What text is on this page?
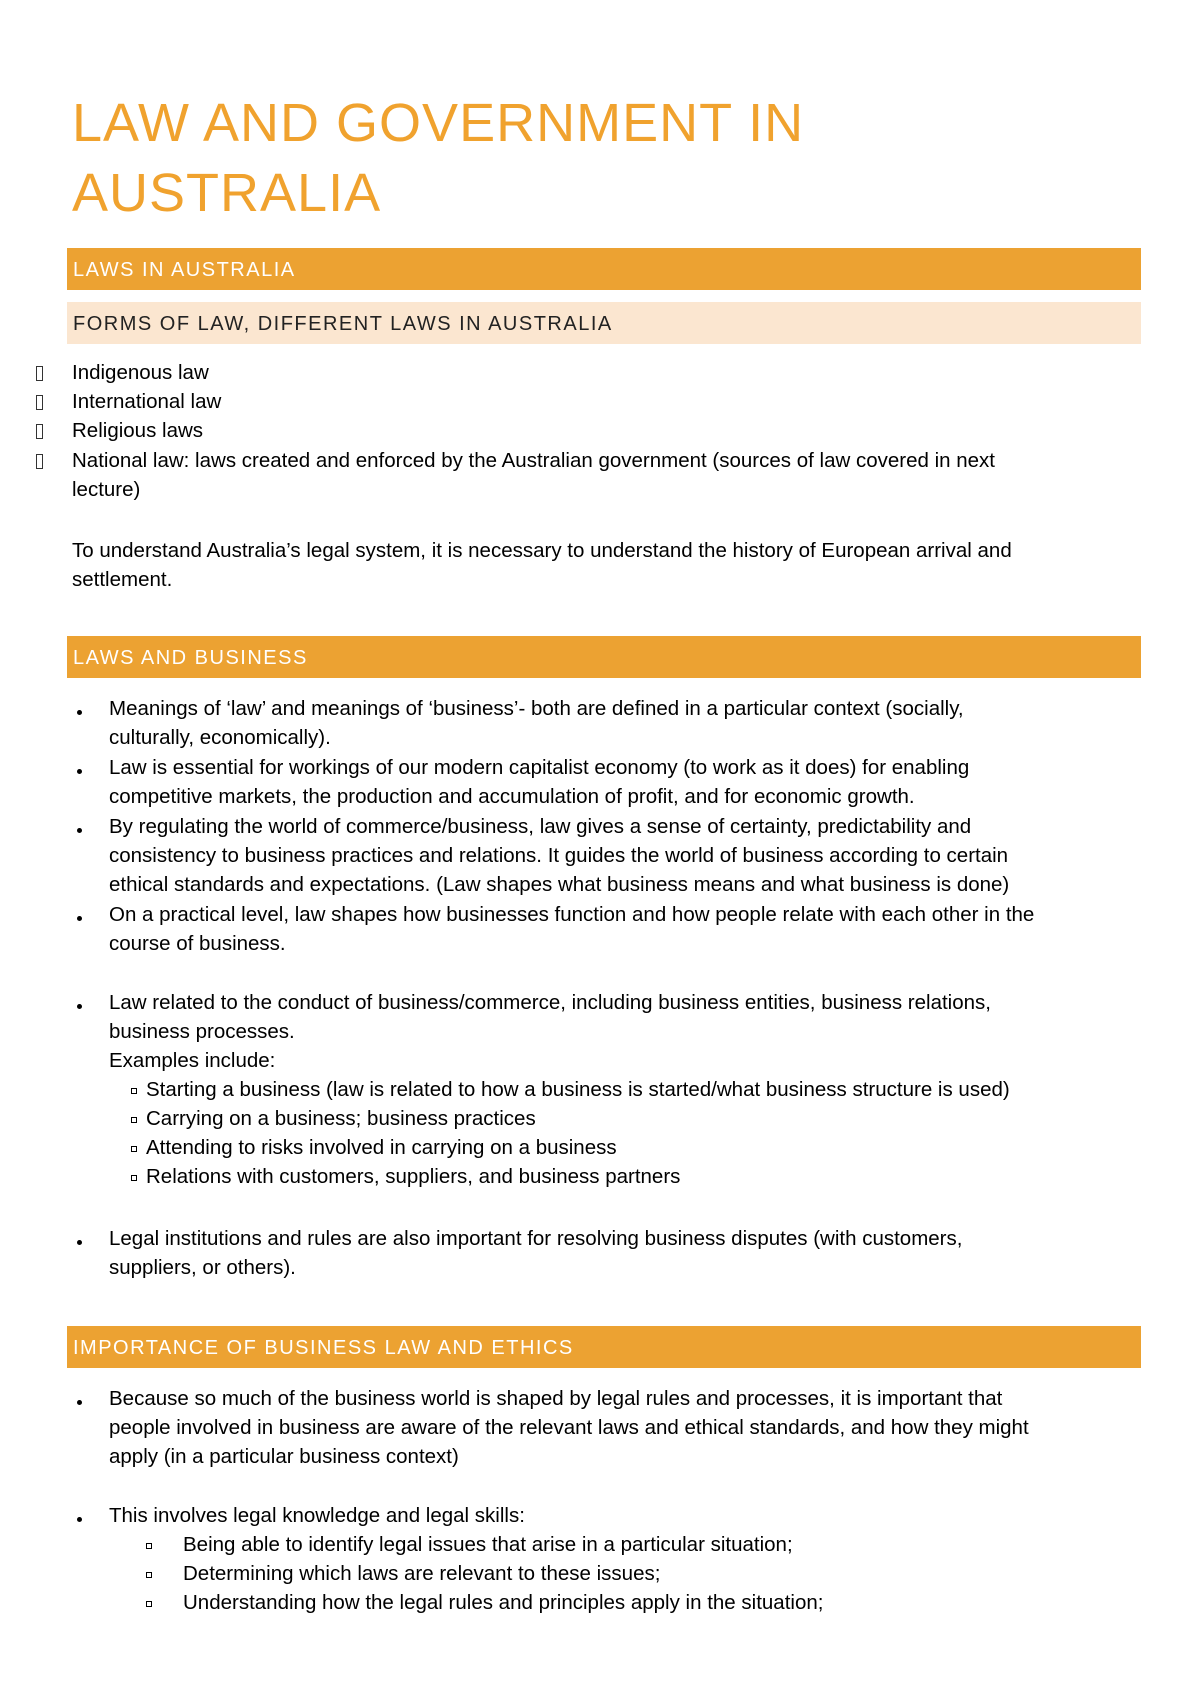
LAW AND GOVERNMENT IN
AUSTRALIA
LAWS IN AUSTRALIA
FORMS OF LAW, DIFFERENT LAWS IN AUSTRALIA
Indigenous law
International law
Religious laws
National law: laws created and enforced by the Australian government (sources of law covered in next
lecture)
To understand Australia’s legal system, it is necessary to understand the history of European arrival and
settlement.
LAWS AND BUSINESS
Meanings of ‘law’ and meanings of ‘business’- both are defined in a particular context (socially,
culturally, economically).
Law is essential for workings of our modern capitalist economy (to work as it does) for enabling
competitive markets, the production and accumulation of profit, and for economic growth.
By regulating the world of commerce/business, law gives a sense of certainty, predictability and
consistency to business practices and relations. It guides the world of business according to certain
ethical standards and expectations. (Law shapes what business means and what business is done)
On a practical level, law shapes how businesses function and how people relate with each other in the
course of business.
Law related to the conduct of business/commerce, including business entities, business relations,
business processes.
Examples include:
Starting a business (law is related to how a business is started/what business structure is used)
Carrying on a business; business practices
Attending to risks involved in carrying on a business
Relations with customers, suppliers, and business partners
Legal institutions and rules are also important for resolving business disputes (with customers,
suppliers, or others).
IMPORTANCE OF BUSINESS LAW AND ETHICS
Because so much of the business world is shaped by legal rules and processes, it is important that
people involved in business are aware of the relevant laws and ethical standards, and how they might
apply (in a particular business context)
This involves legal knowledge and legal skills:
Being able to identify legal issues that arise in a particular situation;
Determining which laws are relevant to these issues;
Understanding how the legal rules and principles apply in the situation;
